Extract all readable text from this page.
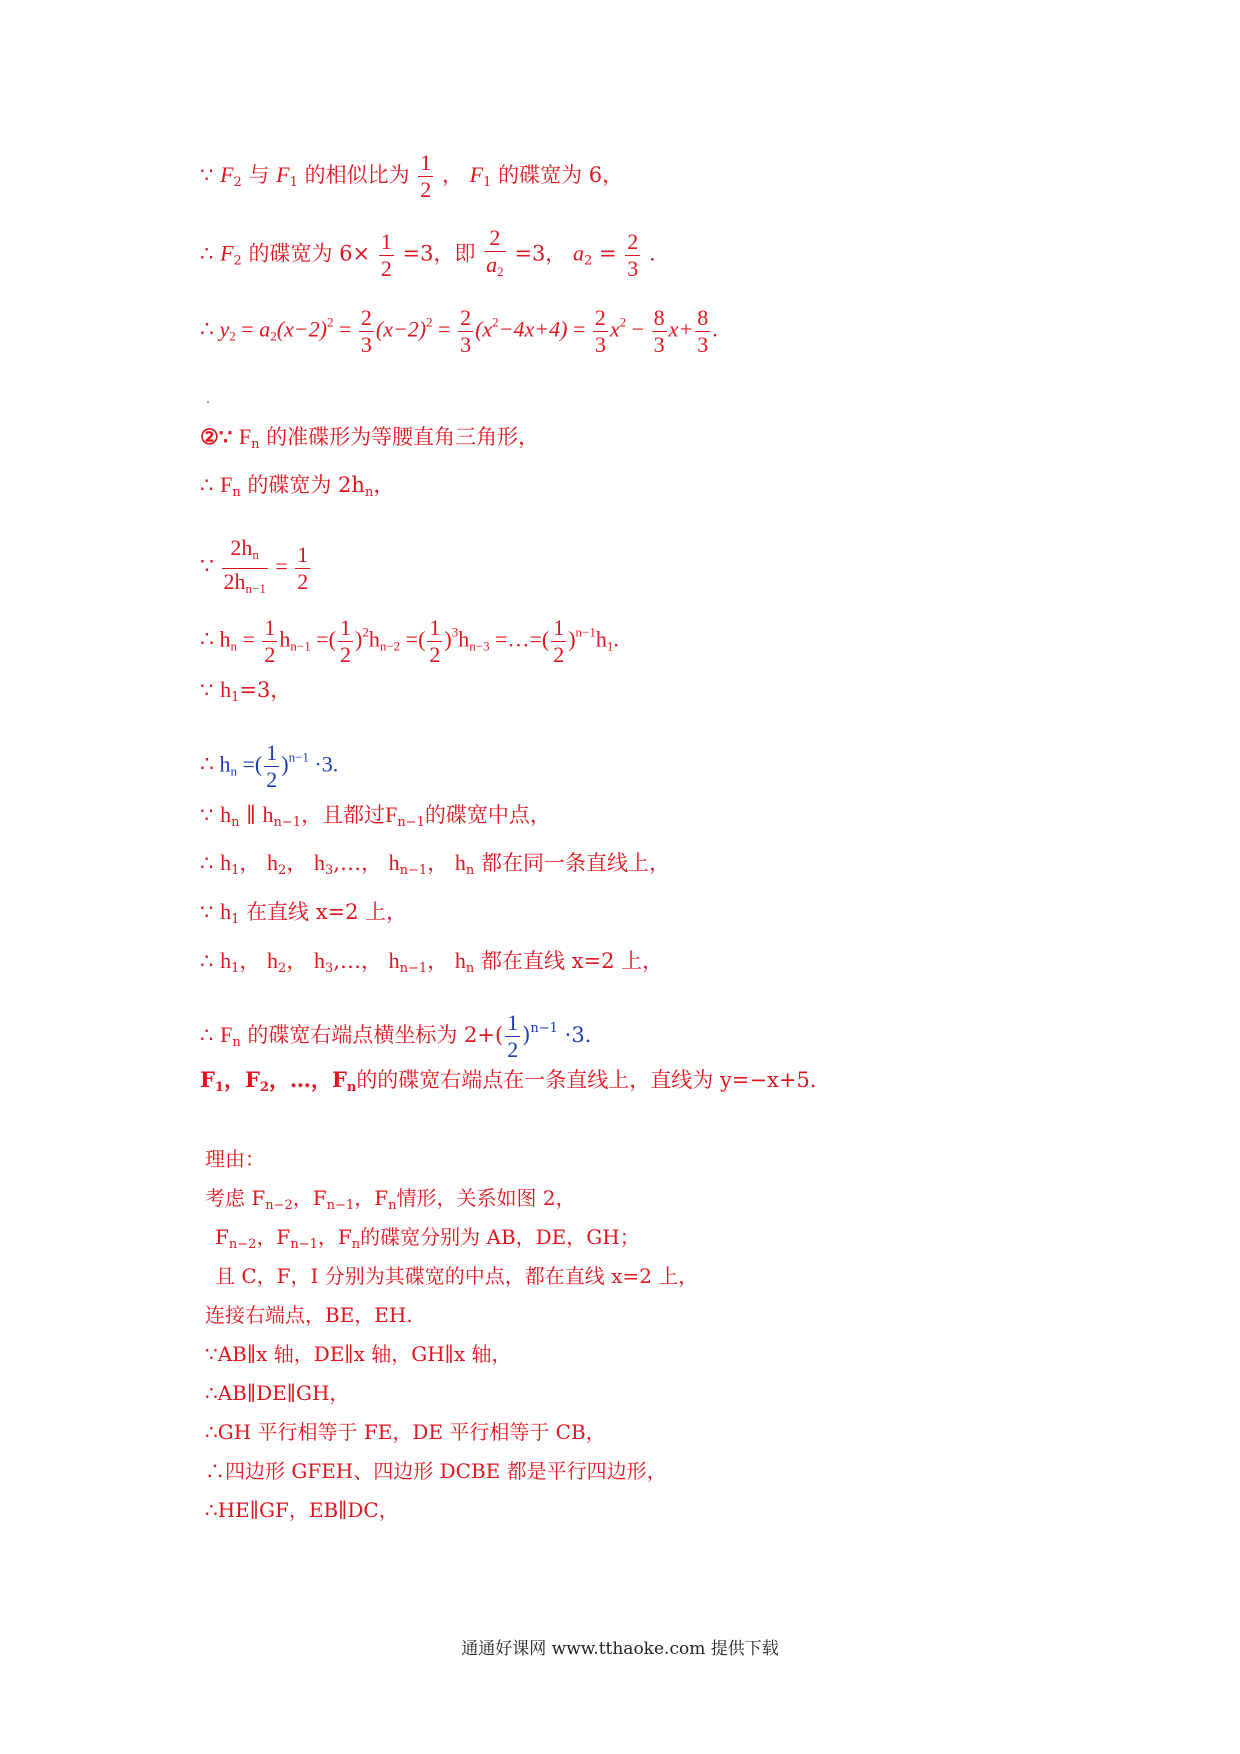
∵ $F_2$ 与 $F_1$ 的相似比为 $\frac{1}{2}$ ， $F_1$ 的碟宽为 6，
∴ $F_2$ 的碟宽为 $6\times \frac{1}{2} =3$，即 $\frac{2}{a_2} =3$， $a_2 = \frac{2}{3}$ .
∴ $y_2 = a_2(x-2)^2 = \frac{2}{3} (x-2)^2 = \frac{2}{3} (x^2-4x+4) = \frac{2}{3} x^2 - \frac{8}{3} x+ \frac{8}{3}$ .
②∵ $F_n$ 的准碟形为等腰直角三角形，
∴ $F_n$ 的碟宽为 $2h_n$，
∵ $\frac{2h_n}{2h_{n-1}} = \frac{1}{2}$
∴ $h_n = \frac{1}{2} h_{n-1}$ =( $\frac{1}{2} )^2h_{n-2}$ =( $\frac{1}{2} )^3h_{n-3}$ =…=( $\frac{1}{2} )^{n-1}h_1$.
∵ $h_1=3$，
∴ $h_n$ =( $\frac{1}{2} )^{n-1} \cdot 3$.
∵ $h_n$ ∥ $h_{n-1}$，且都过$F_{n-1}$的碟宽中点，
∴ $h_1$， $h_2$， $h_3,\dots$， $h_{n-1}$， $h_n$ 都在同一条直线上，
∵ $h_1$ 在直线 x=2 上，
∴ $h_1$， $h_2$， $h_3,\dots$， $h_{n-1}$， $h_n$ 都在直线 x=2 上，
∴ $F_n$ 的碟宽右端点横坐标为 $2+( \frac{1}{2} )^{n-1} \cdot 3$.
$F_1$，$F_2$，…，$F_n$的的碟宽右端点在一条直线上，直线为 y=−x+5.
理由：
考虑 $F_{n-2}$，$F_{n-1}$，$F_n$情形，关系如图 2，
$F_{n-2}$，$F_{n-1}$，$F_n$的碟宽分别为 AB，DE，GH；
且 C，F，I 分别为其碟宽的中点，都在直线 x=2 上，
连接右端点，BE，EH.
∵AB∥x 轴，DE∥x 轴，GH∥x 轴，
∴AB∥DE∥GH，
∴GH 平行相等于 FE，DE 平行相等于 CB，
∴四边形 GFEH、四边形 DCBE 都是平行四边形，
∴HE∥GF，EB∥DC，
通通好课网 www.tthaoke.com 提供下载
